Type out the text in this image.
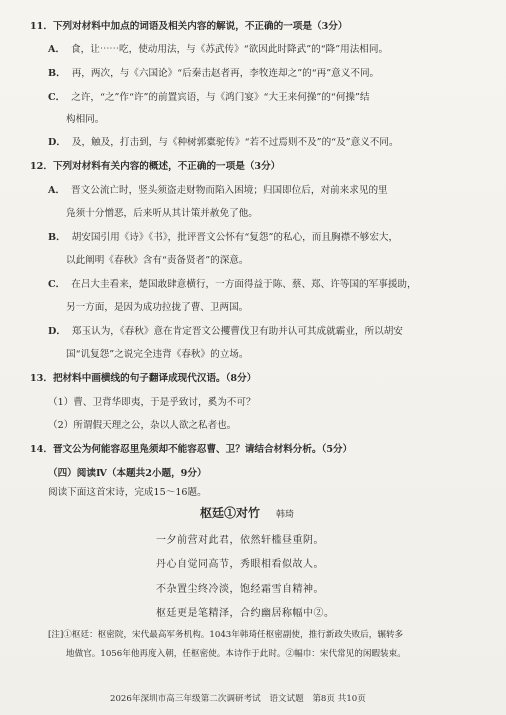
11．下列对材料中加点的词语及相关内容的解说，不正确的一项是（3分）
A． 食，让⋯⋯吃，使动用法，与《苏武传》“欲因此时降武”的“降”用法相同。
B． 再，两次，与《六国论》“后秦击赵者再，李牧连却之”的“再”意义不同。
C． 之许，“之”作“许”的前置宾语，与《鸿门宴》“大王来何操”的“何操”结
构相同。
D． 及，触及，打击到，与《种树郭橐驼传》“若不过焉则不及”的“及”意义不同。
12．下列对材料有关内容的概述，不正确的一项是（3分）
A． 晋文公流亡时，竖头须盗走财物而陷入困境；归国即位后，对前来求见的里
凫须十分憎恶，后来听从其计策并赦免了他。
B． 胡安国引用《诗》《书》，批评晋文公怀有“复怨”的私心，而且胸襟不够宏大，
以此阐明《春秋》含有“责备贤者”的深意。
C． 在吕大圭看来，楚国敢肆意横行，一方面得益于陈、蔡、郑、许等国的军事援助，
另一方面，是因为成功拉拢了曹、卫两国。
D． 郑玉认为，《春秋》意在肯定晋文公攫曹伐卫有助并认可其成就霸业，所以胡安
国“讥复怨”之说完全违背《春秋》的立场。
13．把材料中画横线的句子翻译成现代汉语。（8分）
（1）曹、卫背华即夷，于是乎致讨，奚为不可？
（2）所谓假天理之公，杂以人欲之私者也。
14．晋文公为何能容忍里凫须却不能容忍曹、卫？请结合材料分析。（5分）
（四）阅读Ⅳ（本题共2小题，9分）
阅读下面这首宋诗，完成15～16题。
枢廷①对竹 韩琦
一夕前营对此君，依然轩槛昼重阴。
丹心自觉同高节，秀眼相看似故人。
不杂置尘终冷淡，饱经霜雪自精神。
枢廷更是笔精泽，合约幽居称幅中②。
[注]①枢廷：枢密院，宋代最高军务机构。1043年韩琦任枢密副使，推行新政失败后，辗转多
地做官。1056年他再度入朝，任枢密使。本诗作于此时。②幅巾：宋代常见的闲暇装束。
2026年深圳市高三年级第二次调研考试　语文试题　第8页 共10页
